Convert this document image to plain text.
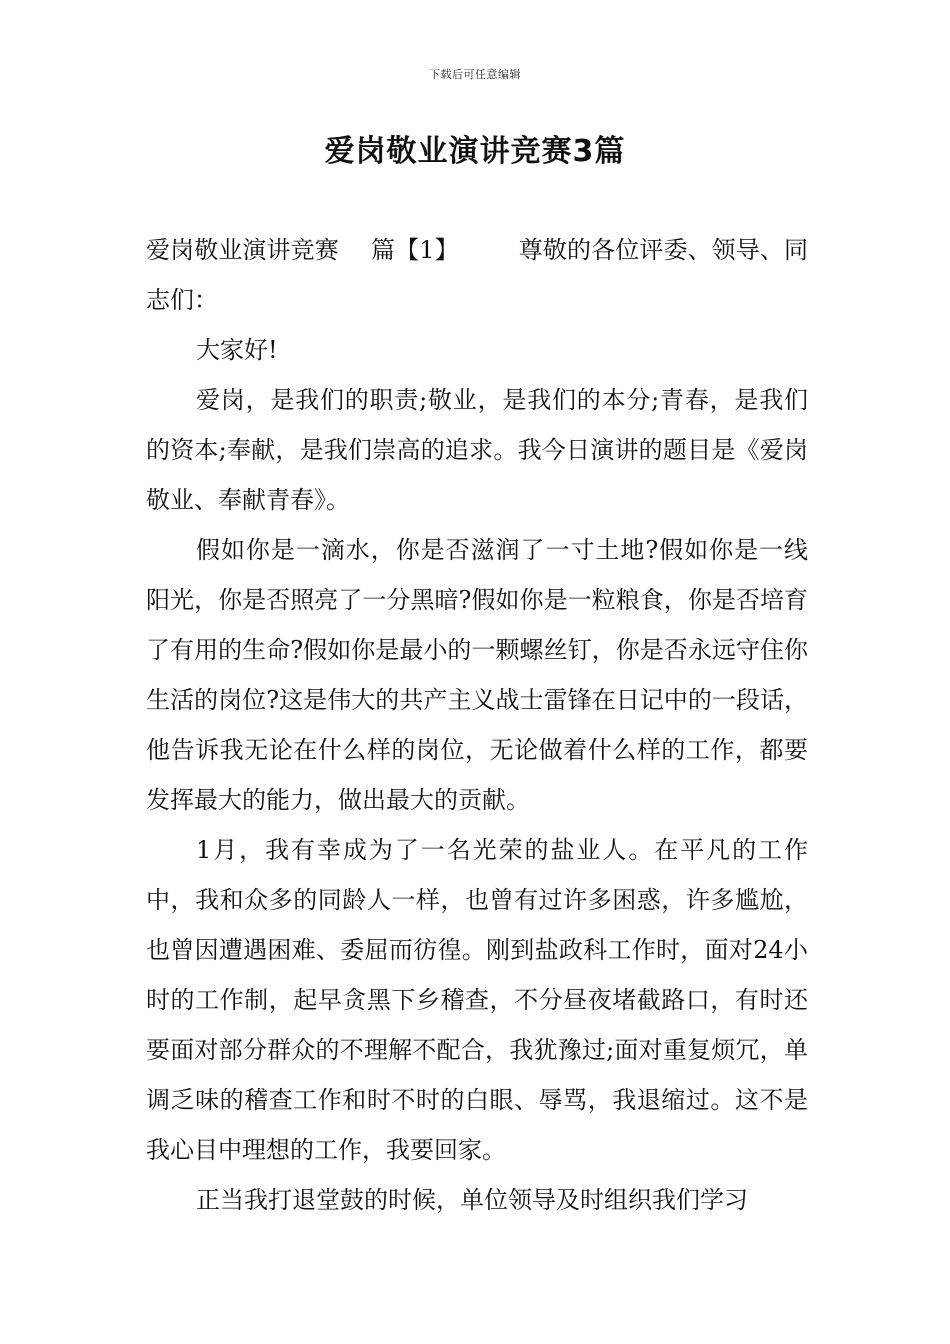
下载后可任意编辑
爱岗敬业演讲竞赛3篇

爱岗敬业演讲竞赛 篇【1】	尊敬的各位评委、领导、同志们：

大家好!

爱岗，是我们的职责;敬业，是我们的本分;青春，是我们的资本;奉献，是我们崇高的追求。我今日演讲的题目是《爱岗敬业、奉献青春》。

假如你是一滴水，你是否滋润了一寸土地?假如你是一线阳光，你是否照亮了一分黑暗?假如你是一粒粮食，你是否培育了有用的生命?假如你是最小的一颗螺丝钉，你是否永远守住你生活的岗位?这是伟大的共产主义战士雷锋在日记中的一段话，他告诉我无论在什么样的岗位，无论做着什么样的工作，都要发挥最大的能力，做出最大的贡献。

1月，我有幸成为了一名光荣的盐业人。在平凡的工作中，我和众多的同龄人一样，也曾有过许多困惑，许多尴尬，也曾因遭遇困难、委屈而彷徨。刚到盐政科工作时，面对24小时的工作制，起早贪黑下乡稽查，不分昼夜堵截路口，有时还要面对部分群众的不理解不配合，我犹豫过;面对重复烦冗，单调乏味的稽查工作和时不时的白眼、辱骂，我退缩过。这不是我心目中理想的工作，我要回家。

正当我打退堂鼓的时候，单位领导及时组织我们学习
